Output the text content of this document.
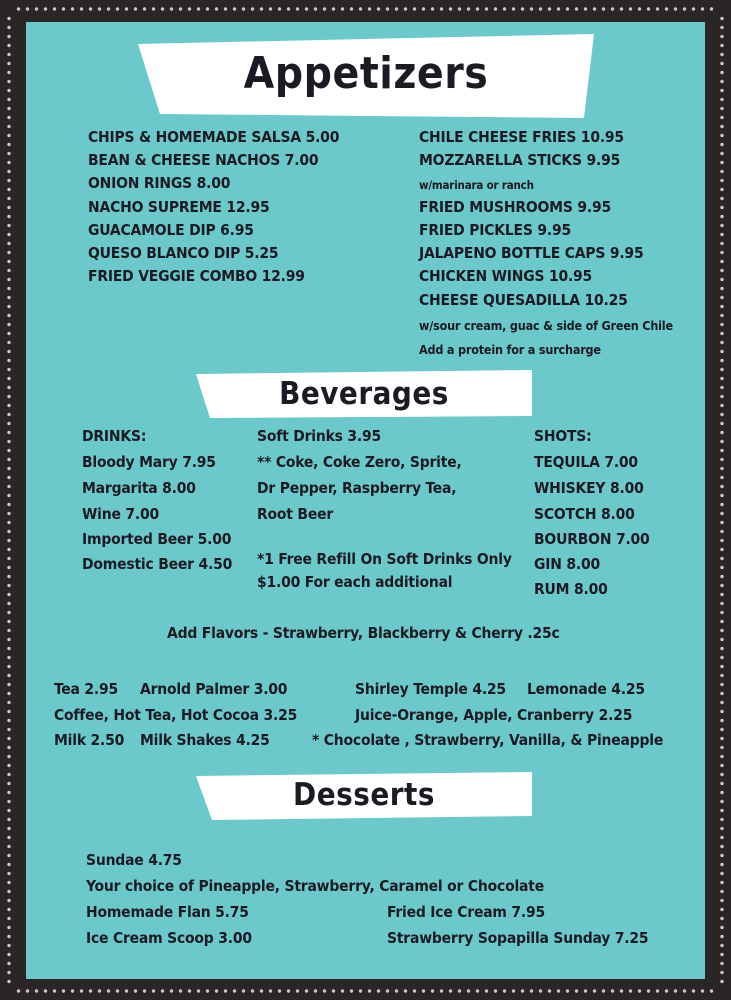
Appetizers
CHIPS & HOMEMADE SALSA 5.00
BEAN & CHEESE NACHOS 7.00
ONION RINGS 8.00
NACHO SUPREME 12.95
GUACAMOLE DIP 6.95
QUESO BLANCO DIP 5.25
FRIED VEGGIE COMBO 12.99
CHILE CHEESE FRIES 10.95
MOZZARELLA STICKS 9.95
w/marinara or ranch
FRIED MUSHROOMS 9.95
FRIED PICKLES 9.95
JALAPENO BOTTLE CAPS 9.95
CHICKEN WINGS 10.95
CHEESE QUESADILLA 10.25
w/sour cream, guac & side of Green Chile
Add a protein for a surcharge
Beverages
DRINKS:
Bloody Mary 7.95
Margarita 8.00
Wine 7.00
Imported Beer 5.00
Domestic Beer 4.50
Soft Drinks 3.95
** Coke, Coke Zero, Sprite,
Dr Pepper, Raspberry Tea,
Root Beer
*1 Free Refill On Soft Drinks Only
$1.00 For each additional
SHOTS:
TEQUILA 7.00
WHISKEY 8.00
SCOTCH 8.00
BOURBON 7.00
GIN 8.00
RUM 8.00
Add Flavors - Strawberry, Blackberry & Cherry .25c
Tea 2.95 Arnold Palmer 3.00	Shirley Temple 4.25 Lemonade 4.25
Coffee, Hot Tea, Hot Cocoa 3.25	Juice-Orange, Apple, Cranberry 2.25
Milk 2.50 Milk Shakes 4.25	* Chocolate , Strawberry, Vanilla, & Pineapple
Desserts
Sundae 4.75
Your choice of Pineapple, Strawberry, Caramel or Chocolate
Homemade Flan 5.75	Fried Ice Cream 7.95
Ice Cream Scoop 3.00	Strawberry Sopapilla Sunday 7.25
